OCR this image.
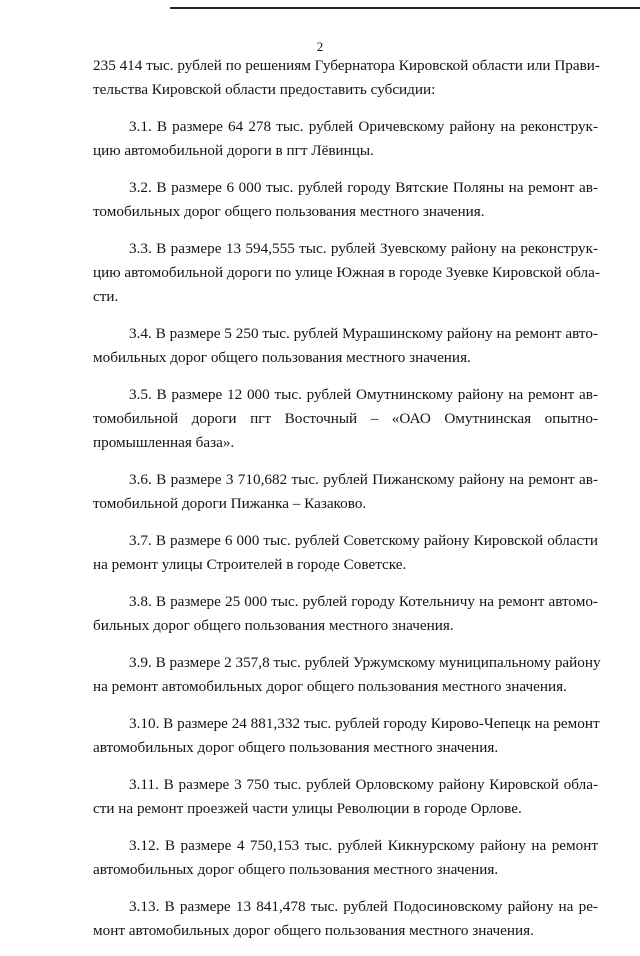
2
235 414 тыс. рублей по решениям Губернатора Кировской области или Прави-
тельства Кировской области предоставить субсидии:
3.1. В размере 64 278 тыс. рублей Оричевскому району на реконструк-
цию автомобильной дороги в пгт Лёвинцы.
3.2. В размере 6 000 тыс. рублей городу Вятские Поляны на ремонт ав-
томобильных дорог общего пользования местного значения.
3.3. В размере 13 594,555 тыс. рублей Зуевскому району на реконструк-
цию автомобильной дороги по улице Южная в городе Зуевке Кировской обла-
сти.
3.4. В размере 5 250 тыс. рублей Мурашинскому району на ремонт авто-
мобильных дорог общего пользования местного значения.
3.5. В размере 12 000 тыс. рублей Омутнинскому району на ремонт ав-
томобильной дороги пгт Восточный – «ОАО Омутнинская опытно-
промышленная база».
3.6. В размере 3 710,682 тыс. рублей Пижанскому району на ремонт ав-
томобильной дороги Пижанка – Казаково.
3.7. В размере 6 000 тыс. рублей Советскому району Кировской области
на ремонт улицы Строителей в городе Советске.
3.8. В размере 25 000 тыс. рублей городу Котельничу на ремонт автомо-
бильных дорог общего пользования местного значения.
3.9. В размере 2 357,8 тыс. рублей Уржумскому муниципальному району
на ремонт автомобильных дорог общего пользования местного значения.
3.10. В размере 24 881,332 тыс. рублей городу Кирово-Чепецк на ремонт
автомобильных дорог общего пользования местного значения.
3.11. В размере 3 750 тыс. рублей Орловскому району Кировской обла-
сти на ремонт проезжей части улицы Революции в городе Орлове.
3.12. В размере 4 750,153 тыс. рублей Кикнурскому району на ремонт
автомобильных дорог общего пользования местного значения.
3.13. В размере 13 841,478 тыс. рублей Подосиновскому району на ре-
монт автомобильных дорог общего пользования местного значения.
